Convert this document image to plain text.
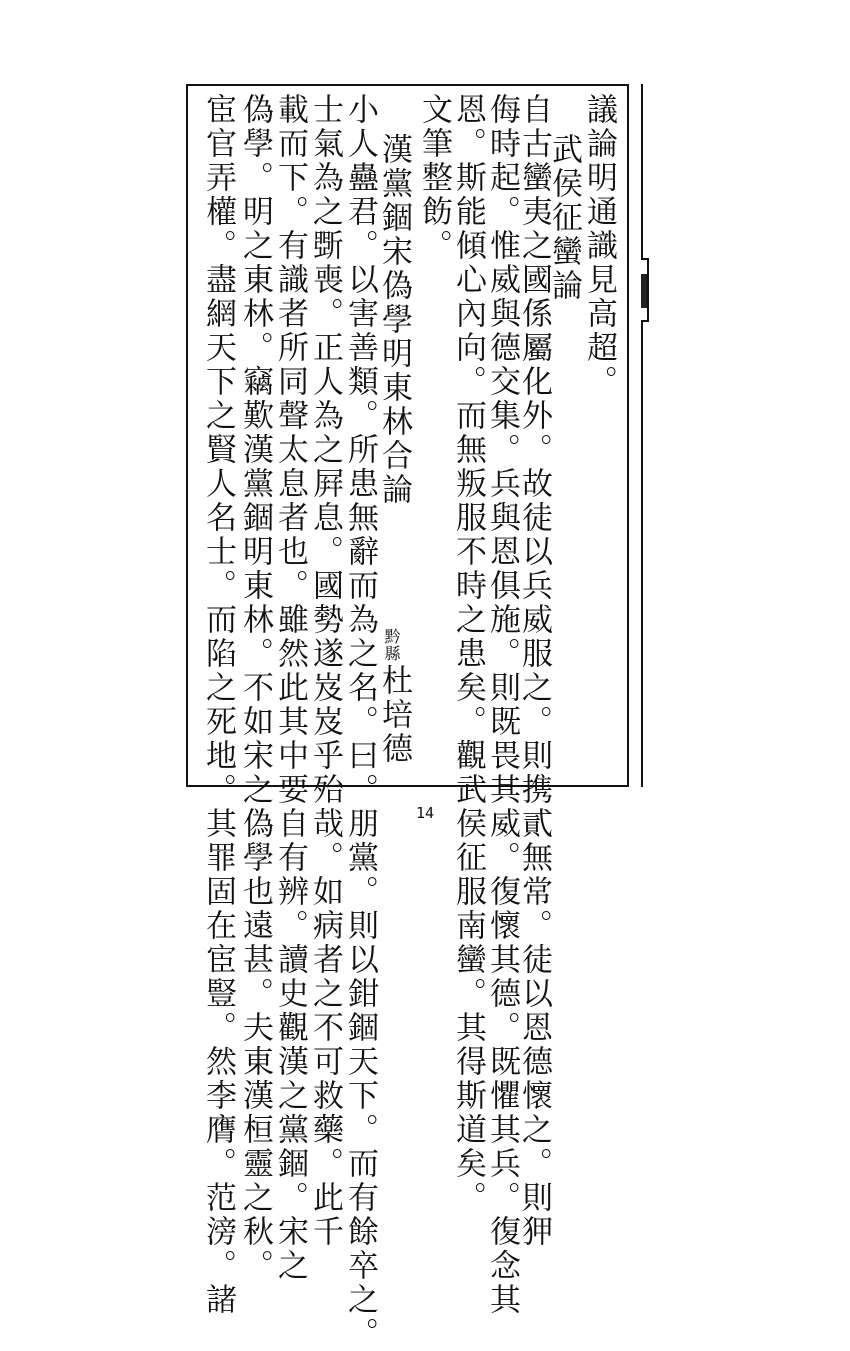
議論明通識見高超。
武侯征蠻論
自古蠻夷之國係屬化外。故徒以兵威服之。則携貳無常。徒以恩德懷之。則狎
侮時起。惟威與德交集。兵與恩俱施。則既畏其威。復懷其德。既懼其兵。復念其
恩。斯能傾心內向。而無叛服不時之患矣。觀武侯征服南蠻。其得斯道矣。
文筆整飭。
漢黨錮宋偽學明東林合論
黔縣
杜培德
小人蠱君。以害善類。所患無辭而為之名。曰。朋黨。則以鉗錮天下。而有餘卒之。
士氣為之斲喪。正人為之屛息。國勢遂岌岌乎殆哉。如病者之不可救藥。此千
載而下。有識者所同聲太息者也。雖然此其中要自有辨。讀史觀漢之黨錮。宋之
偽學。明之東林。竊歎漢黨錮明東林。不如宋之偽學也遠甚。夫東漢桓靈之秋。
宦官弄權。盡網天下之賢人名士。而陷之死地。其罪固在宦豎。然李膺。范滂。諸	14
